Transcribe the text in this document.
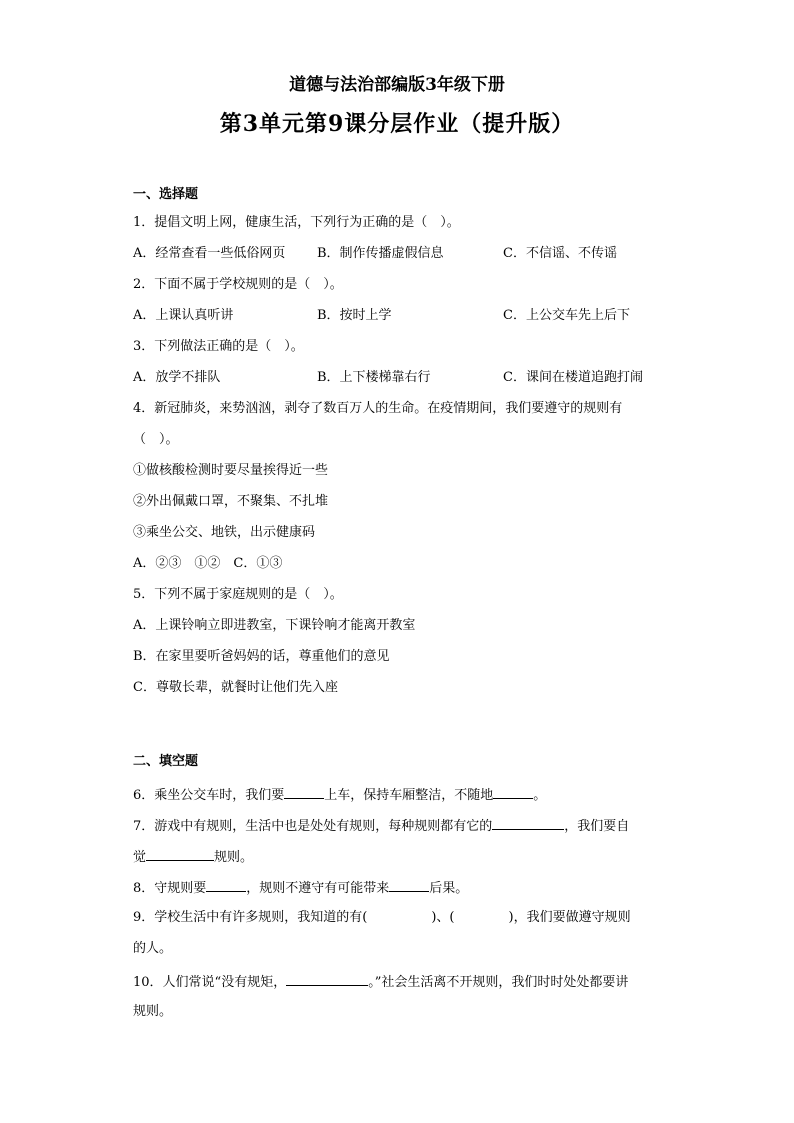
道德与法治部编版3年级下册
第3单元第9课分层作业（提升版）
一、选择题
1．提倡文明上网，健康生活，下列行为正确的是（　）。
A．经常查看一些低俗网页 B．制作传播虚假信息	C．不信谣、不传谣
2．下面不属于学校规则的是（　）。
A．上课认真听讲	B．按时上学	C．上公交车先上后下
3．下列做法正确的是（　）。
A．放学不排队	B．上下楼梯靠右行	C．课间在楼道追跑打闹
4．新冠肺炎，来势汹汹，剥夺了数百万人的生命。在疫情期间，我们要遵守的规则有
（　）。
①做核酸检测时要尽量挨得近一些
②外出佩戴口罩，不聚集、不扎堆
③乘坐公交、地铁，出示健康码
A．②③　①②　C．①③
5．下列不属于家庭规则的是（　）。
A．上课铃响立即进教室，下课铃响才能离开教室
B．在家里要听爸妈妈的话，尊重他们的意见
C．尊敬长辈，就餐时让他们先入座
二、填空题
6．乘坐公交车时，我们要	上车，保持车厢整洁，不随地	。
7．游戏中有规则，生活中也是处处有规则，每种规则都有它的	，我们要自
觉	规则。
8．守规则要	，规则不遵守有可能带来	后果。
9．学校生活中有许多规则，我知道的有(	)、(	)，我们要做遵守规则
的人。
10．人们常说“没有规矩，	。”社会生活离不开规则，我们时时处处都要讲
规则。
